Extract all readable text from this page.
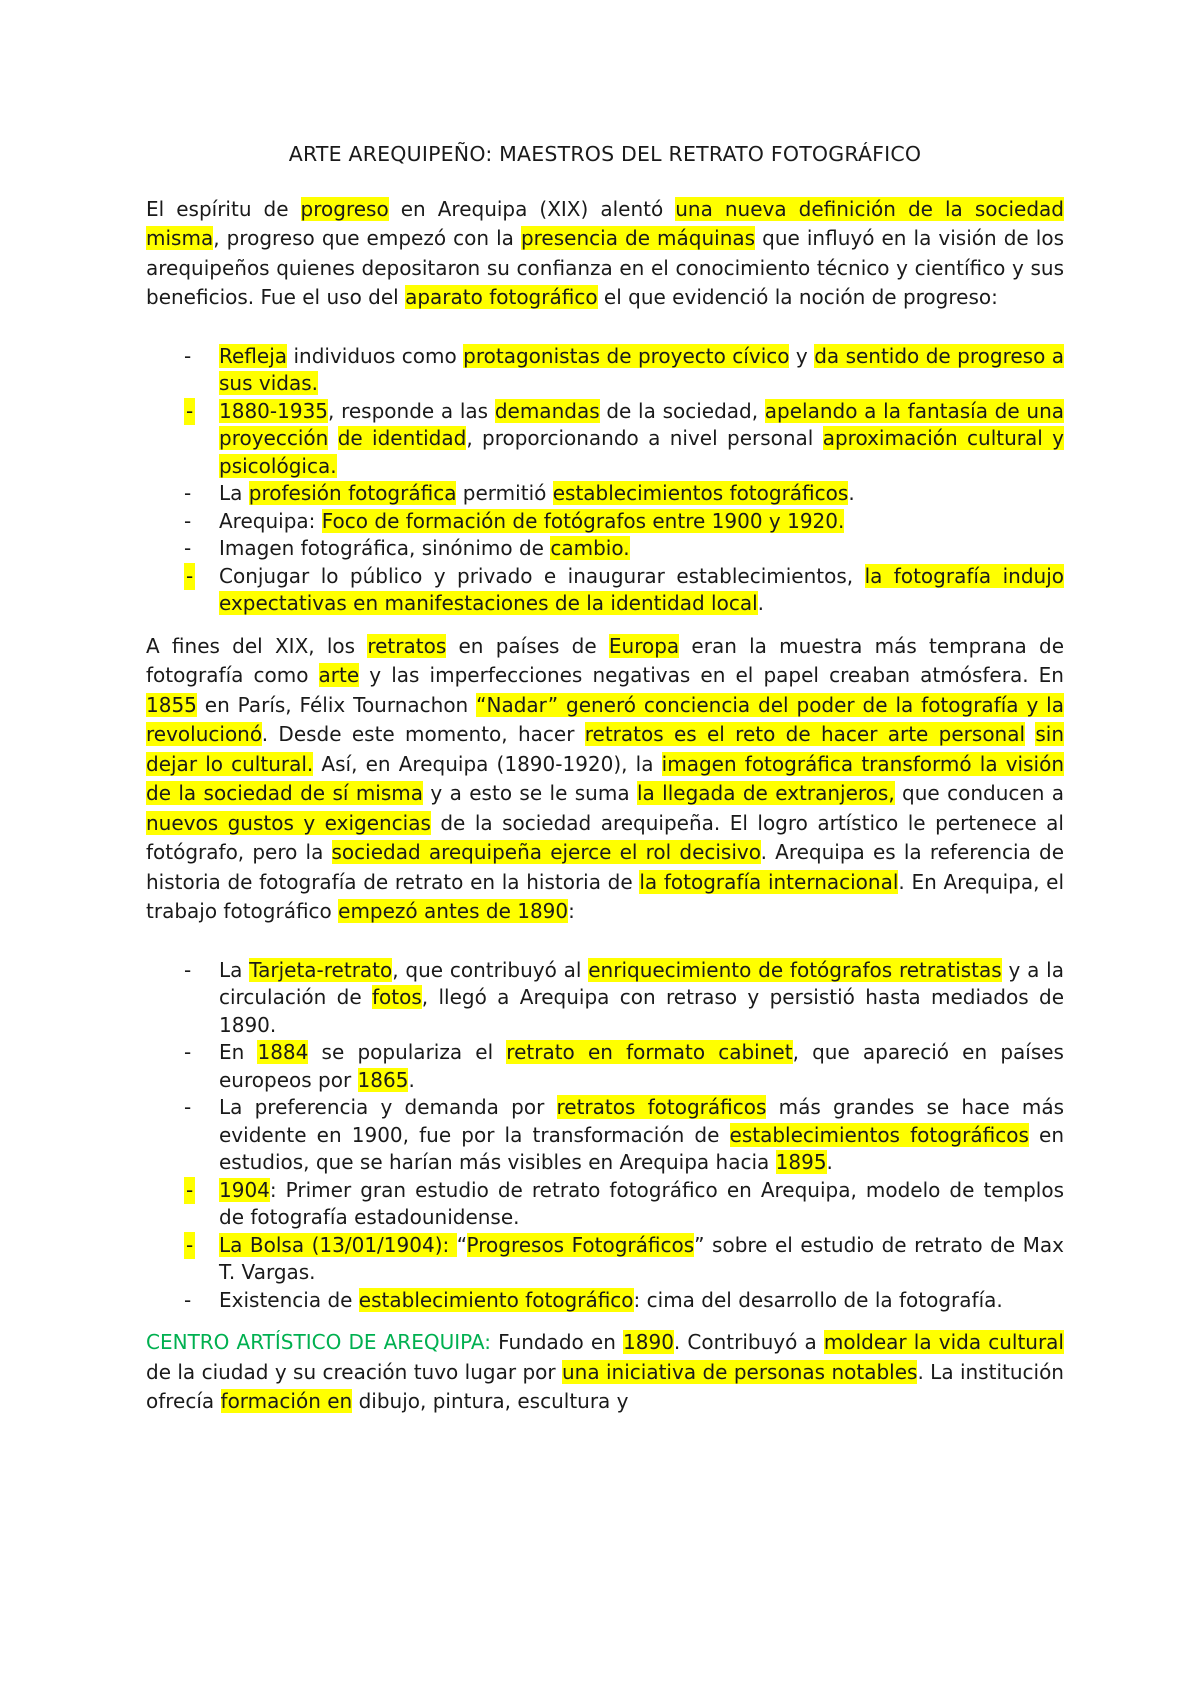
ARTE AREQUIPEÑO: MAESTROS DEL RETRATO FOTOGRÁFICO

El espíritu de progreso en Arequipa (XIX) alentó una nueva definición de la sociedad misma, progreso que empezó con la presencia de máquinas que influyó en la visión de los arequipeños quienes depositaron su confianza en el conocimiento técnico y científico y sus beneficios. Fue el uso del aparato fotográfico el que evidenció la noción de progreso:

- Refleja individuos como protagonistas de proyecto cívico y da sentido de progreso a sus vidas.
- 1880-1935, responde a las demandas de la sociedad, apelando a la fantasía de una proyección de identidad, proporcionando a nivel personal aproximación cultural y psicológica.
- La profesión fotográfica permitió establecimientos fotográficos.
- Arequipa: Foco de formación de fotógrafos entre 1900 y 1920.
- Imagen fotográfica, sinónimo de cambio.
- Conjugar lo público y privado e inaugurar establecimientos, la fotografía indujo expectativas en manifestaciones de la identidad local.

A fines del XIX, los retratos en países de Europa eran la muestra más temprana de fotografía como arte y las imperfecciones negativas en el papel creaban atmósfera. En 1855 en París, Félix Tournachon “Nadar” generó conciencia del poder de la fotografía y la revolucionó. Desde este momento, hacer retratos es el reto de hacer arte personal sin dejar lo cultural. Así, en Arequipa (1890-1920), la imagen fotográfica transformó la visión de la sociedad de sí misma y a esto se le suma la llegada de extranjeros, que conducen a nuevos gustos y exigencias de la sociedad arequipeña. El logro artístico le pertenece al fotógrafo, pero la sociedad arequipeña ejerce el rol decisivo. Arequipa es la referencia de historia de fotografía de retrato en la historia de la fotografía internacional. En Arequipa, el trabajo fotográfico empezó antes de 1890:

- La Tarjeta-retrato, que contribuyó al enriquecimiento de fotógrafos retratistas y a la circulación de fotos, llegó a Arequipa con retraso y persistió hasta mediados de 1890.
- En 1884 se populariza el retrato en formato cabinet, que apareció en países europeos por 1865.
- La preferencia y demanda por retratos fotográficos más grandes se hace más evidente en 1900, fue por la transformación de establecimientos fotográficos en estudios, que se harían más visibles en Arequipa hacia 1895.
- 1904: Primer gran estudio de retrato fotográfico en Arequipa, modelo de templos de fotografía estadounidense.
- La Bolsa (13/01/1904): “Progresos Fotográficos” sobre el estudio de retrato de Max T. Vargas.
- Existencia de establecimiento fotográfico: cima del desarrollo de la fotografía.

CENTRO ARTÍSTICO DE AREQUIPA: Fundado en 1890. Contribuyó a moldear la vida cultural de la ciudad y su creación tuvo lugar por una iniciativa de personas notables. La institución ofrecía formación en dibujo, pintura, escultura y
